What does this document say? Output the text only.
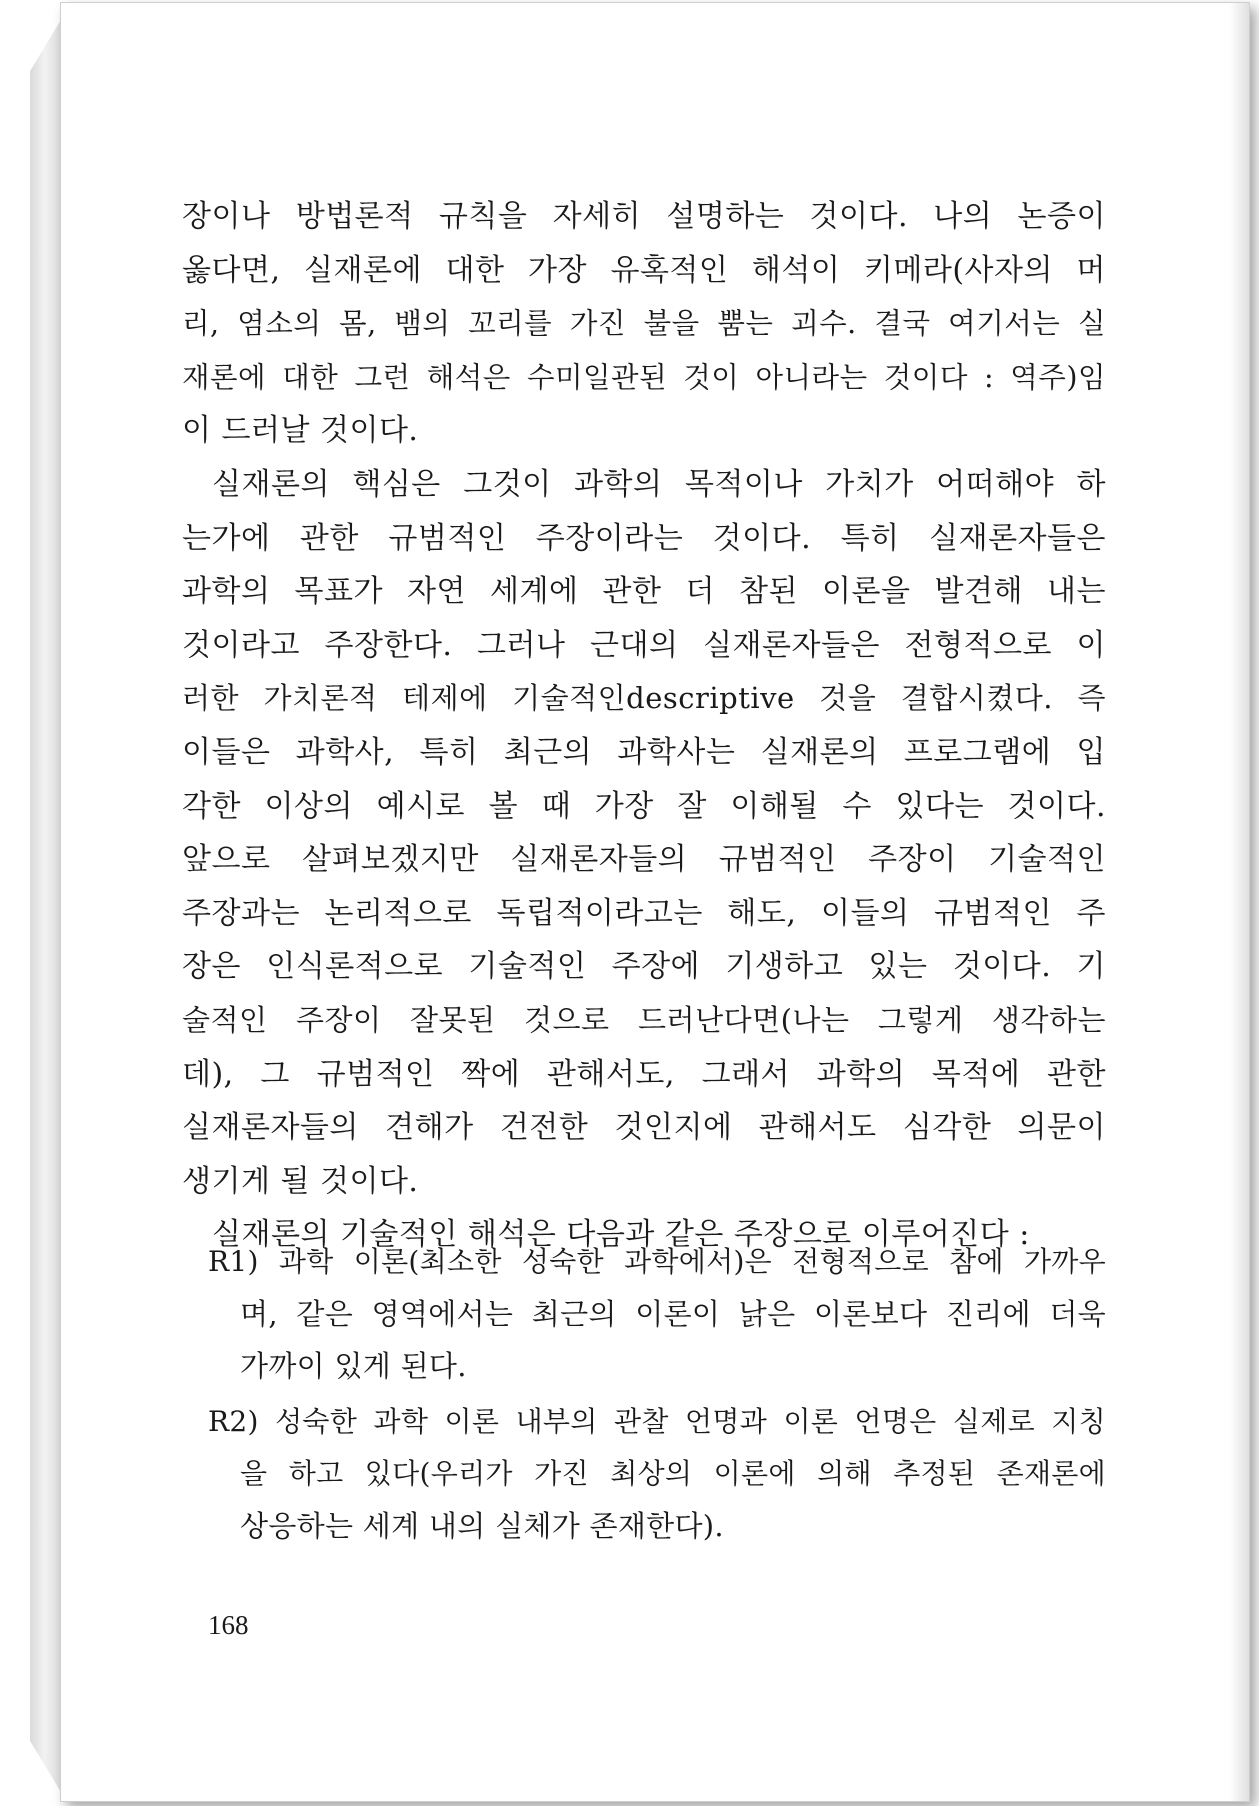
장이나 방법론적 규칙을 자세히 설명하는 것이다. 나의 논증이
옳다면, 실재론에 대한 가장 유혹적인 해석이 키메라(사자의 머
리, 염소의 몸, 뱀의 꼬리를 가진 불을 뿜는 괴수. 결국 여기서는 실
재론에 대한 그런 해석은 수미일관된 것이 아니라는 것이다 : 역주)임
이 드러날 것이다.
실재론의 핵심은 그것이 과학의 목적이나 가치가 어떠해야 하
는가에 관한 규범적인 주장이라는 것이다. 특히 실재론자들은
과학의 목표가 자연 세계에 관한 더 참된 이론을 발견해 내는
것이라고 주장한다. 그러나 근대의 실재론자들은 전형적으로 이
러한 가치론적 테제에 기술적인descriptive 것을 결합시켰다. 즉
이들은 과학사, 특히 최근의 과학사는 실재론의 프로그램에 입
각한 이상의 예시로 볼 때 가장 잘 이해될 수 있다는 것이다.
앞으로 살펴보겠지만 실재론자들의 규범적인 주장이 기술적인
주장과는 논리적으로 독립적이라고는 해도, 이들의 규범적인 주
장은 인식론적으로 기술적인 주장에 기생하고 있는 것이다. 기
술적인 주장이 잘못된 것으로 드러난다면(나는 그렇게 생각하는
데), 그 규범적인 짝에 관해서도, 그래서 과학의 목적에 관한
실재론자들의 견해가 건전한 것인지에 관해서도 심각한 의문이
생기게 될 것이다.
실재론의 기술적인 해석은 다음과 같은 주장으로 이루어진다 :
R1) 과학 이론(최소한 성숙한 과학에서)은 전형적으로 참에 가까우
며, 같은 영역에서는 최근의 이론이 낡은 이론보다 진리에 더욱
가까이 있게 된다.
R2) 성숙한 과학 이론 내부의 관찰 언명과 이론 언명은 실제로 지칭
을 하고 있다(우리가 가진 최상의 이론에 의해 추정된 존재론에
상응하는 세계 내의 실체가 존재한다).
168
